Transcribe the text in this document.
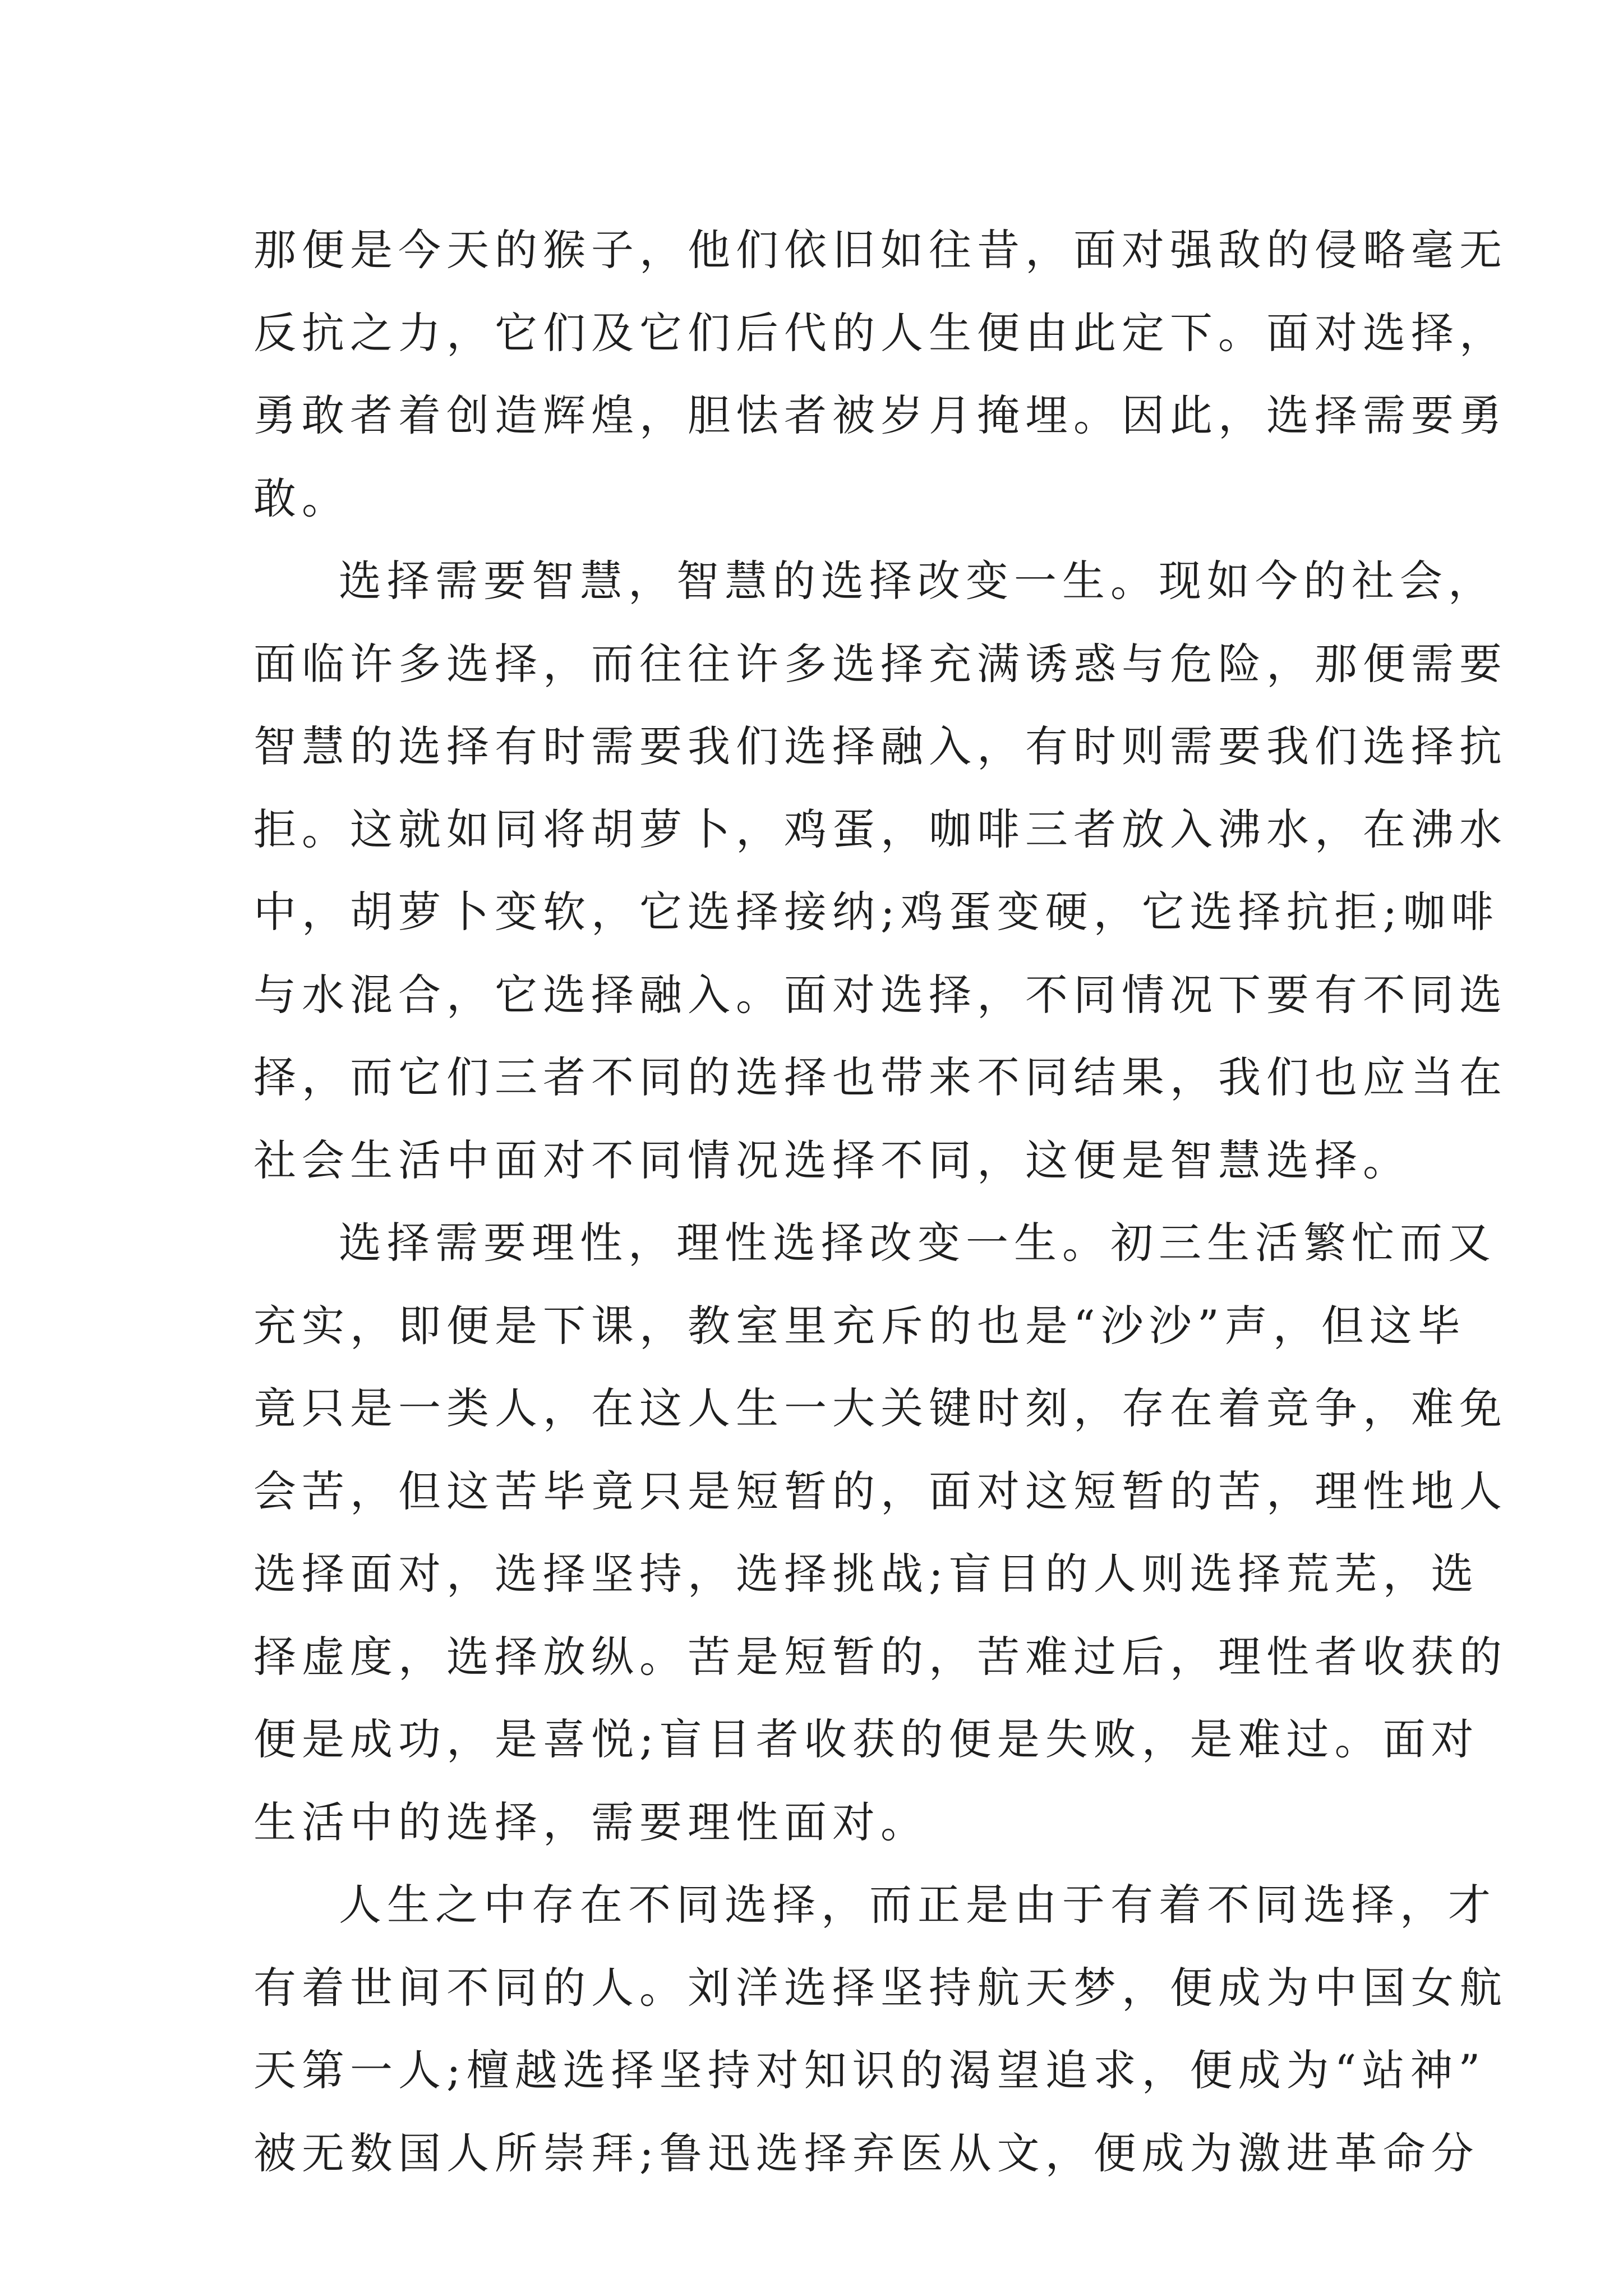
那便是今天的猴子，他们依旧如往昔，面对强敌的侵略毫无
反抗之力，它们及它们后代的人生便由此定下。面对选择，
勇敢者着创造辉煌，胆怯者被岁月掩埋。因此，选择需要勇
敢。
选择需要智慧，智慧的选择改变一生。现如今的社会，
面临许多选择，而往往许多选择充满诱惑与危险，那便需要
智慧的选择有时需要我们选择融入，有时则需要我们选择抗
拒。这就如同将胡萝卜，鸡蛋，咖啡三者放入沸水，在沸水
中，胡萝卜变软，它选择接纳;鸡蛋变硬，它选择抗拒;咖啡
与水混合，它选择融入。面对选择，不同情况下要有不同选
择，而它们三者不同的选择也带来不同结果，我们也应当在
社会生活中面对不同情况选择不同，这便是智慧选择。
选择需要理性，理性选择改变一生。初三生活繁忙而又
充实，即便是下课，教室里充斥的也是“沙沙”声，但这毕
竟只是一类人，在这人生一大关键时刻，存在着竞争，难免
会苦，但这苦毕竟只是短暂的，面对这短暂的苦，理性地人
选择面对，选择坚持，选择挑战;盲目的人则选择荒芜，选
择虚度，选择放纵。苦是短暂的，苦难过后，理性者收获的
便是成功，是喜悦;盲目者收获的便是失败，是难过。面对
生活中的选择，需要理性面对。
人生之中存在不同选择，而正是由于有着不同选择，才
有着世间不同的人。刘洋选择坚持航天梦，便成为中国女航
天第一人;檀越选择坚持对知识的渴望追求，便成为“站神”
被无数国人所崇拜;鲁迅选择弃医从文，便成为激进革命分
